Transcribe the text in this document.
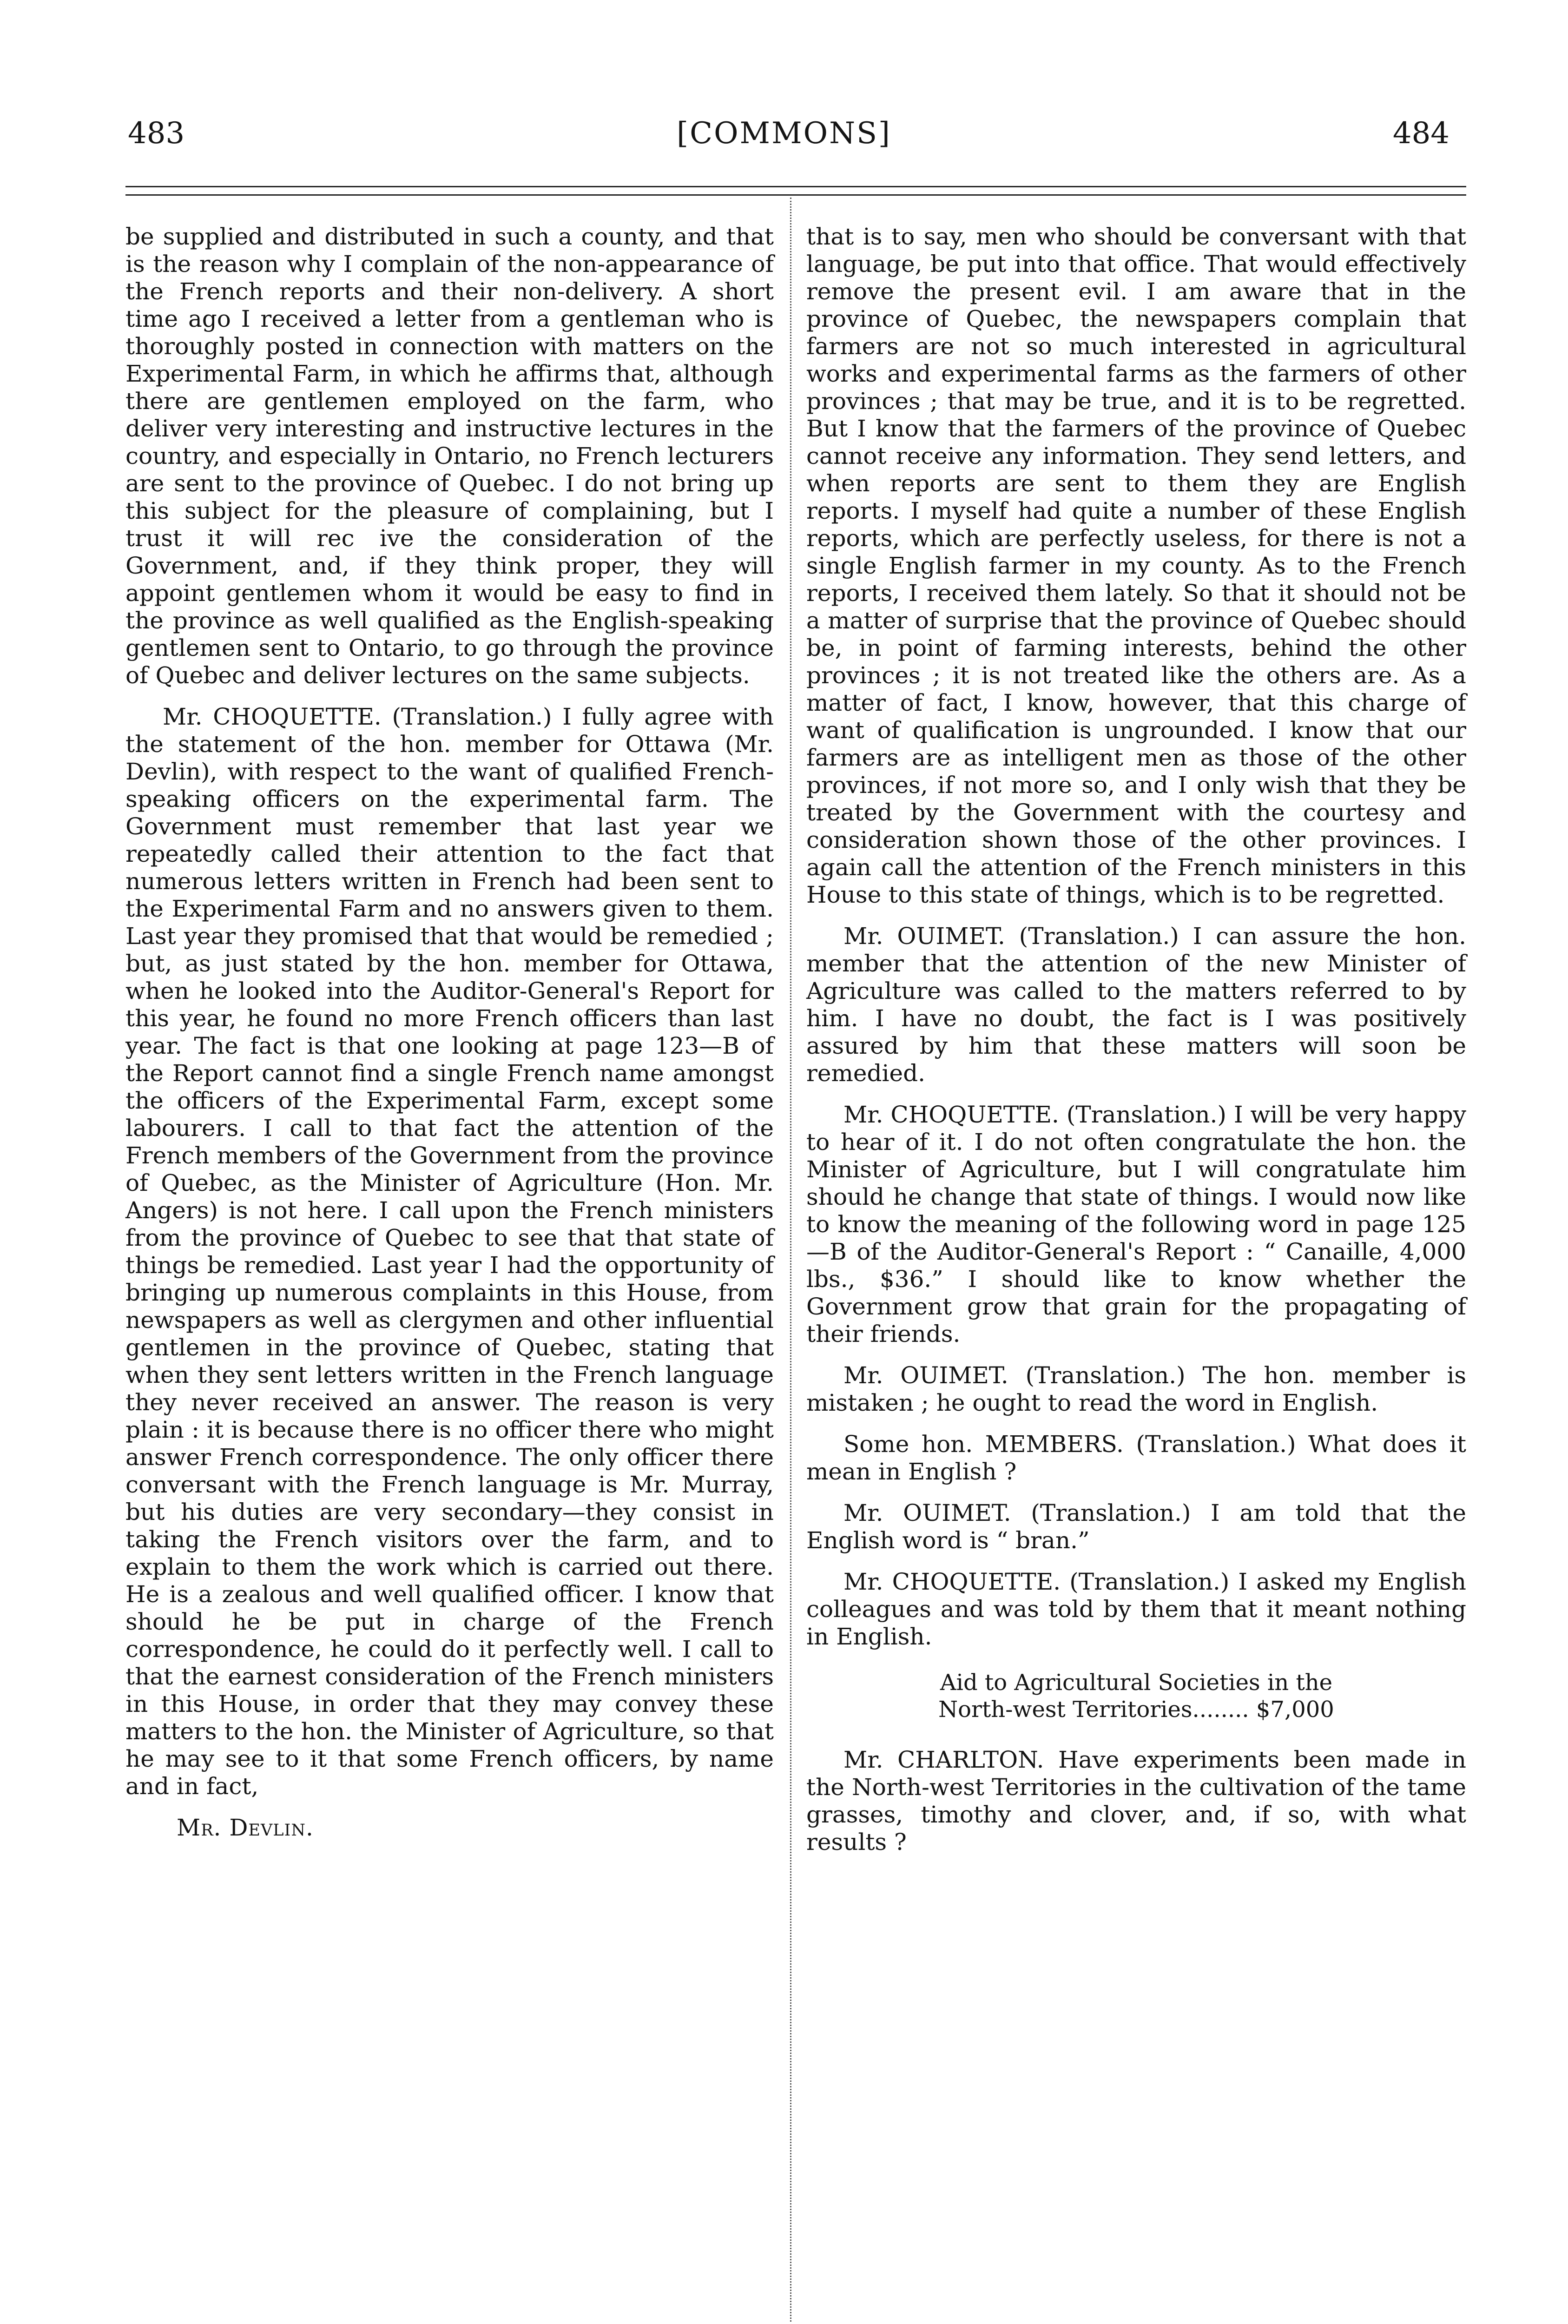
483	[COMMONS]	484

be supplied and distributed in such a county, and that is the reason why I complain of the non-appearance of the French reports and their non-delivery. A short time ago I received a letter from a gentleman who is thoroughly posted in connection with matters on the Experimental Farm, in which he affirms that, although there are gentlemen employed on the farm, who deliver very interesting and instructive lectures in the country, and especially in Ontario, no French lecturers are sent to the province of Quebec. I do not bring up this subject for the pleasure of complaining, but I trust it will rec ive the consideration of the Government, and, if they think proper, they will appoint gentlemen whom it would be easy to find in the province as well qualified as the English-speaking gentlemen sent to Ontario, to go through the province of Quebec and deliver lectures on the same subjects.

Mr. CHOQUETTE. (Translation.) I fully agree with the statement of the hon. member for Ottawa (Mr. Devlin), with respect to the want of qualified French-speaking officers on the experimental farm. The Government must remember that last year we repeatedly called their attention to the fact that numerous letters written in French had been sent to the Experimental Farm and no answers given to them. Last year they promised that that would be remedied ; but, as just stated by the hon. member for Ottawa, when he looked into the Auditor-General's Report for this year, he found no more French officers than last year. The fact is that one looking at page 123—B of the Report cannot find a single French name amongst the officers of the Experimental Farm, except some labourers. I call to that fact the attention of the French members of the Government from the province of Quebec, as the Minister of Agriculture (Hon. Mr. Angers) is not here. I call upon the French ministers from the province of Quebec to see that that state of things be remedied. Last year I had the opportunity of bringing up numerous complaints in this House, from newspapers as well as clergymen and other influential gentlemen in the province of Quebec, stating that when they sent letters written in the French language they never received an answer. The reason is very plain : it is because there is no officer there who might answer French correspondence. The only officer there conversant with the French language is Mr. Murray, but his duties are very secondary—they consist in taking the French visitors over the farm, and to explain to them the work which is carried out there. He is a zealous and well qualified officer. I know that should he be put in charge of the French correspondence, he could do it perfectly well. I call to that the earnest consideration of the French ministers in this House, in order that they may convey these matters to the hon. the Minister of Agriculture, so that he may see to it that some French officers, by name and in fact,

Mr. Devlin.

that is to say, men who should be conversant with that language, be put into that office. That would effectively remove the present evil. I am aware that in the province of Quebec, the newspapers complain that farmers are not so much interested in agricultural works and experimental farms as the farmers of other provinces ; that may be true, and it is to be regretted. But I know that the farmers of the province of Quebec cannot receive any information. They send letters, and when reports are sent to them they are English reports. I myself had quite a number of these English reports, which are perfectly useless, for there is not a single English farmer in my county. As to the French reports, I received them lately. So that it should not be a matter of surprise that the province of Quebec should be, in point of farming interests, behind the other provinces ; it is not treated like the others are. As a matter of fact, I know, however, that this charge of want of qualification is ungrounded. I know that our farmers are as intelligent men as those of the other provinces, if not more so, and I only wish that they be treated by the Government with the courtesy and consideration shown those of the other provinces. I again call the attention of the French ministers in this House to this state of things, which is to be regretted.

Mr. OUIMET. (Translation.) I can assure the hon. member that the attention of the new Minister of Agriculture was called to the matters referred to by him. I have no doubt, the fact is I was positively assured by him that these matters will soon be remedied.

Mr. CHOQUETTE. (Translation.) I will be very happy to hear of it. I do not often congratulate the hon. the Minister of Agriculture, but I will congratulate him should he change that state of things. I would now like to know the meaning of the following word in page 125—B of the Auditor-General's Report : “ Canaille, 4,000 lbs., $36.” I should like to know whether the Government grow that grain for the propagating of their friends.

Mr. OUIMET. (Translation.) The hon. member is mistaken ; he ought to read the word in English.

Some hon. MEMBERS. (Translation.) What does it mean in English ?

Mr. OUIMET. (Translation.) I am told that the English word is “ bran.”

Mr. CHOQUETTE. (Translation.) I asked my English colleagues and was told by them that it meant nothing in English.

Aid to Agricultural Societies in the
North-west Territories........ $7,000

Mr. CHARLTON. Have experiments been made in the North-west Territories in the cultivation of the tame grasses, timothy and clover, and, if so, with what results ?
